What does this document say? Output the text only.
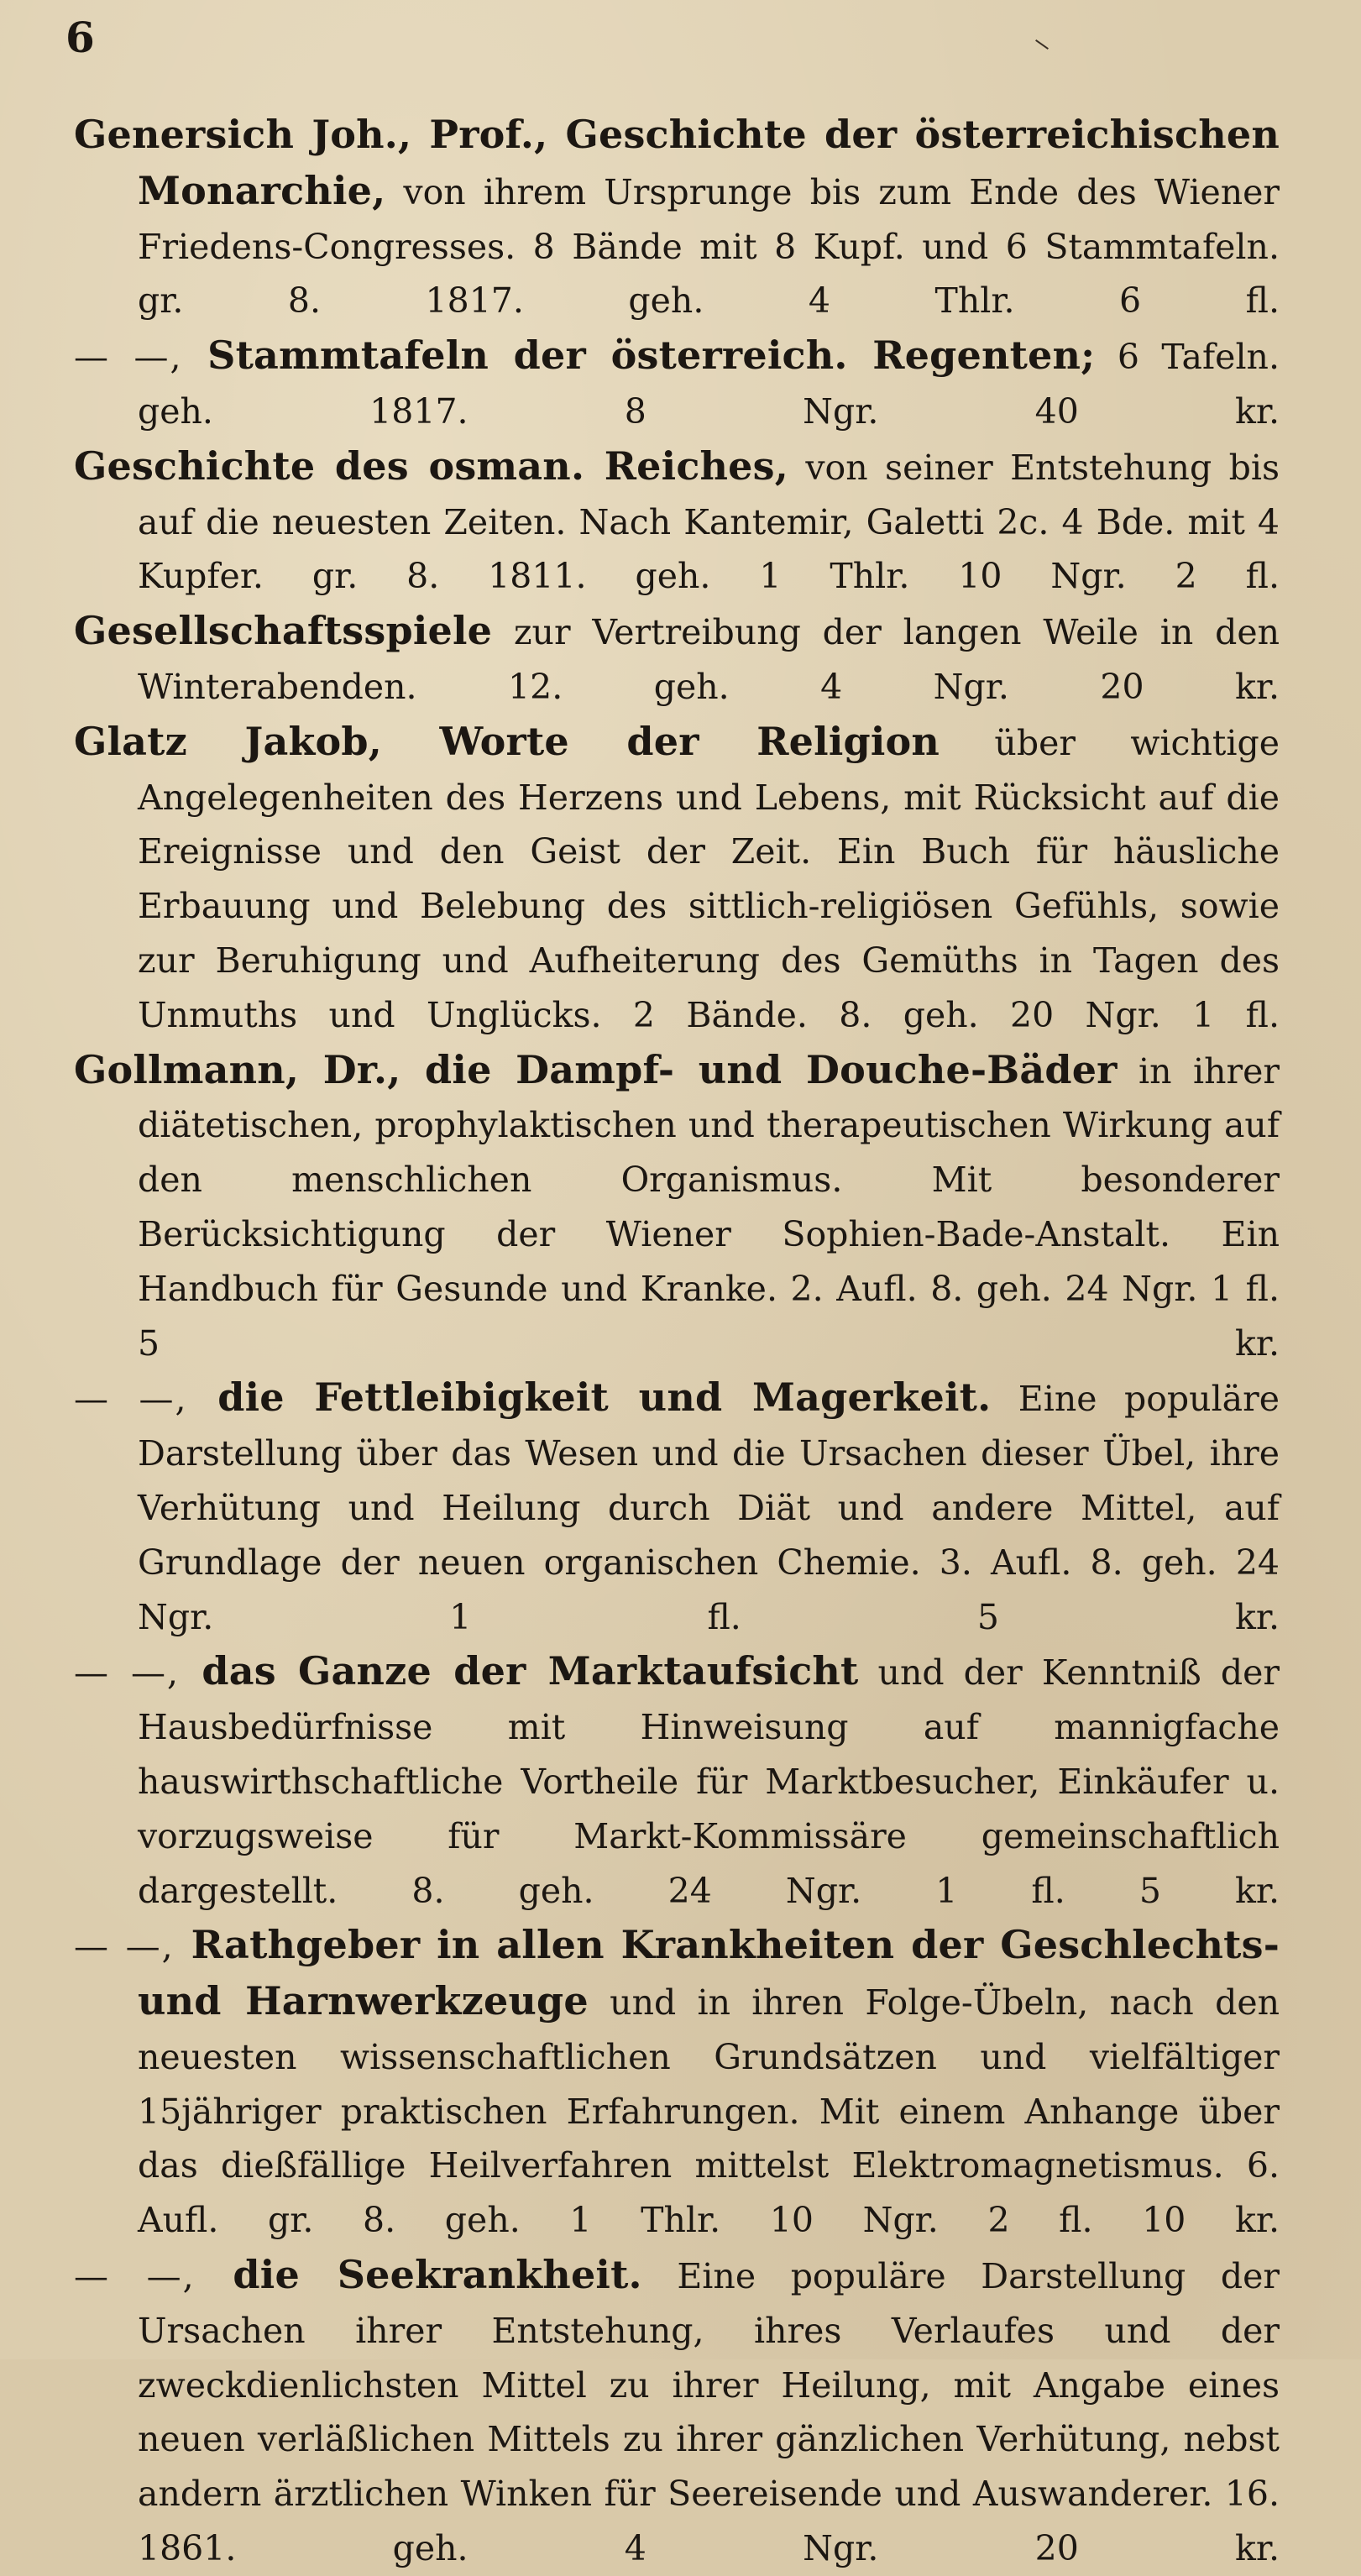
6

Genersich Joh., Prof., Geschichte der österreichischen Monarchie, von ihrem Ursprunge bis zum Ende des Wiener Friedens-Congresses. 8 Bände mit 8 Kupf. und 6 Stammtafeln. gr. 8. 1817. geh. 4 Thlr. 6 fl.

— —, Stammtafeln der österreich. Regenten; 6 Tafeln. geh. 1817. 8 Ngr. 40 kr.

Geschichte des osman. Reiches, von seiner Entstehung bis auf die neuesten Zeiten. Nach Kantemir, Galetti 2c. 4 Bde. mit 4 Kupfer. gr. 8. 1811. geh. 1 Thlr. 10 Ngr. 2 fl.

Gesellschaftsspiele zur Vertreibung der langen Weile in den Winterabenden. 12. geh. 4 Ngr. 20 kr.

Glatz Jakob, Worte der Religion über wichtige Angelegenheiten des Herzens und Lebens, mit Rücksicht auf die Ereignisse und den Geist der Zeit. Ein Buch für häusliche Erbauung und Belebung des sittlich-religiösen Gefühls, sowie zur Beruhigung und Aufheiterung des Gemüths in Tagen des Unmuths und Unglücks. 2 Bände. 8. geh. 20 Ngr. 1 fl.

Gollmann, Dr., die Dampf- und Douche-Bäder in ihrer diätetischen, prophylaktischen und therapeutischen Wirkung auf den menschlichen Organismus. Mit besonderer Berücksichtigung der Wiener Sophien-Bade-Anstalt. Ein Handbuch für Gesunde und Kranke. 2. Aufl. 8. geh. 24 Ngr. 1 fl. 5 kr.

— —, die Fettleibigkeit und Magerkeit. Eine populäre Darstellung über das Wesen und die Ursachen dieser Übel, ihre Verhütung und Heilung durch Diät und andere Mittel, auf Grundlage der neuen organischen Chemie. 3. Aufl. 8. geh. 24 Ngr. 1 fl. 5 kr.

— —, das Ganze der Marktaufsicht und der Kenntniß der Hausbedürfnisse mit Hinweisung auf mannigfache hauswirthschaftliche Vortheile für Marktbesucher, Einkäufer u. vorzugsweise für Markt-Kommissäre gemeinschaftlich dargestellt. 8. geh. 24 Ngr. 1 fl. 5 kr.

— —, Rathgeber in allen Krankheiten der Geschlechts- und Harnwerkzeuge und in ihren Folge-Übeln, nach den neuesten wissenschaftlichen Grundsätzen und vielfältiger 15jähriger praktischen Erfahrungen. Mit einem Anhange über das dießfällige Heilverfahren mittelst Elektromagnetismus. 6. Aufl. gr. 8. geh. 1 Thlr. 10 Ngr. 2 fl. 10 kr.

— —, die Seekrankheit. Eine populäre Darstellung der Ursachen ihrer Entstehung, ihres Verlaufes und der zweckdienlichsten Mittel zu ihrer Heilung, mit Angabe eines neuen verläßlichen Mittels zu ihrer gänzlichen Verhütung, nebst andern ärztlichen Winken für Seereisende und Auswanderer. 16. 1861. geh. 4 Ngr. 20 kr.
